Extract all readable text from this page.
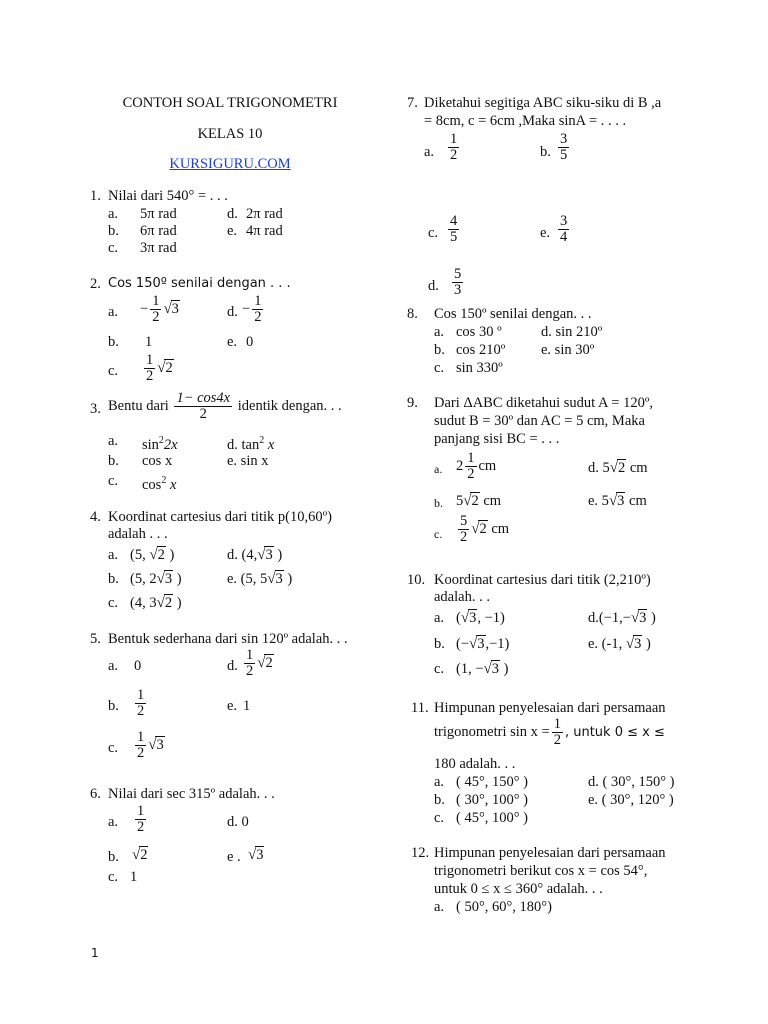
CONTOH SOAL TRIGONOMETRI
KELAS 10
KURSIGURU.COM
1. Nilai dari 540° = . . .
a. 5π rad	d. 2π rad
b. 6π rad	e. 4π rad
c. 3π rad
2. Cos 150º senilai dengan . . .
a. − $\frac{1}{2} √3$	d. − $\frac{1}{2}$
b. 1	e. 0
c. $\frac{1}{2} √2$
3. Bentu dari $\frac{1- \cos 4x}{2}$ identik dengan. . .
a. $\sin^22x$	d. $\tan^2 x$
b. cos x	e. sin x
c. $\cos^2 x$
4. Koordinat cartesius dari titik p(10,60º)
adalah . . .
a. (5, √2 )	d. (4,√3 )
b. (5, 2√3 )	e. (5, 5√3 )
c. (4, 3√2 )
5. Bentuk sederhana dari sin 120º adalah. . .
a. 0	d. $\frac{1}{2} √2$
b. $\frac{1}{2}$	e. 1
c. $\frac{1}{2} √3$
6. Nilai dari sec 315º adalah. . .
a. $\frac{1}{2}$	d. 0
b. √2	e . √3
c. 1
7. Diketahui segitiga ABC siku-siku di B ,a
= 8cm, c = 6cm ,Maka sinA = . . . .
a. $\frac{1}{2}$	b. $\frac{3}{5}$
c. $\frac{4}{5}$	e. $\frac{3}{4}$
d. $\frac{5}{3}$
8. Cos 150º senilai dengan. . .
a. cos 30 º	d. sin 210º
b. cos 210º e. sin 30º
c. sin 330º
9. Dari ΔABC diketahui sudut A = 120º,
sudut B = 30º dan AC = 5 cm, Maka
panjang sisi BC = . . .
a. $2 \frac{1}{2}$ cm	d. 5√2 cm
b. 5√2 cm	e. 5√3 cm
c. $\frac{5}{2} √2$ cm
10. Koordinat cartesius dari titik (2,210º)
adalah. . .
a. (√3, −1)	d.(−1,−√3 )
b. (−√3,−1)	e. (-1, √3 )
c. (1, −√3 )
11. Himpunan penyelesaian dari persamaan
trigonometri $\sin x = \frac{1}{2}$ , untuk 0 ≤ x ≤
180 adalah. . .
a. ( 45°, 150° )	d. ( 30°, 150° )
b. ( 30°, 100° )	e. ( 30°, 120° )
c. ( 45°, 100° )
12. Himpunan penyelesaian dari persamaan
trigonometri berikut cos x = cos 54°,
untuk 0 ≤ x ≤ 360° adalah. . .
a. ( 50°, 60°, 180°)
1
